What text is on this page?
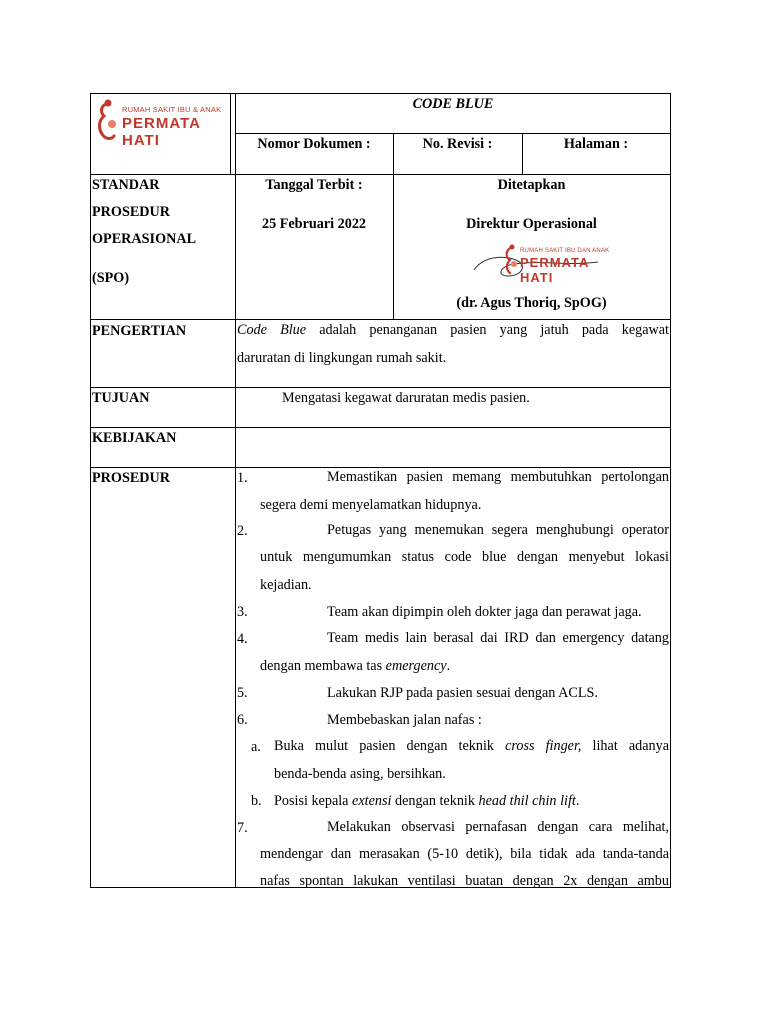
RUMAH SAKIT IBU & ANAK
PERMATA HATI
CODE BLUE
Nomor Dokumen :	No. Revisi :	Halaman :
STANDAR
PROSEDUR
OPERASIONAL
(SPO)
Tanggal Terbit :
25 Februari 2022
Ditetapkan
Direktur Operasional
RUMAH SAKIT IBU DAN ANAK
PERMATA HATI
(dr. Agus Thoriq, SpOG)
PENGERTIAN	Code Blue adalah penanganan pasien yang jatuh pada kegawat
daruratan di lingkungan rumah sakit.
TUJUAN	Mengatasi kegawat daruratan medis pasien.
KEBIJAKAN
PROSEDUR	1.	Memastikan pasien memang membutuhkan pertolongan
segera demi menyelamatkan hidupnya.
2.	Petugas yang menemukan segera menghubungi operator
untuk mengumumkan status code blue dengan menyebut lokasi
kejadian.
3.	Team akan dipimpin oleh dokter jaga dan perawat jaga.
4.	Team medis lain berasal dai IRD dan emergency datang
dengan membawa tas emergency.
5.	Lakukan RJP pada pasien sesuai dengan ACLS.
6.	Membebaskan jalan nafas :
a. Buka mulut pasien dengan teknik cross finger, lihat adanya
benda-benda asing, bersihkan.
b. Posisi kepala extensi dengan teknik head thil chin lift.
7.	Melakukan observasi pernafasan dengan cara melihat,
mendengar dan merasakan (5-10 detik), bila tidak ada tanda-tanda
nafas spontan lakukan ventilasi buatan dengan 2x dengan ambu
